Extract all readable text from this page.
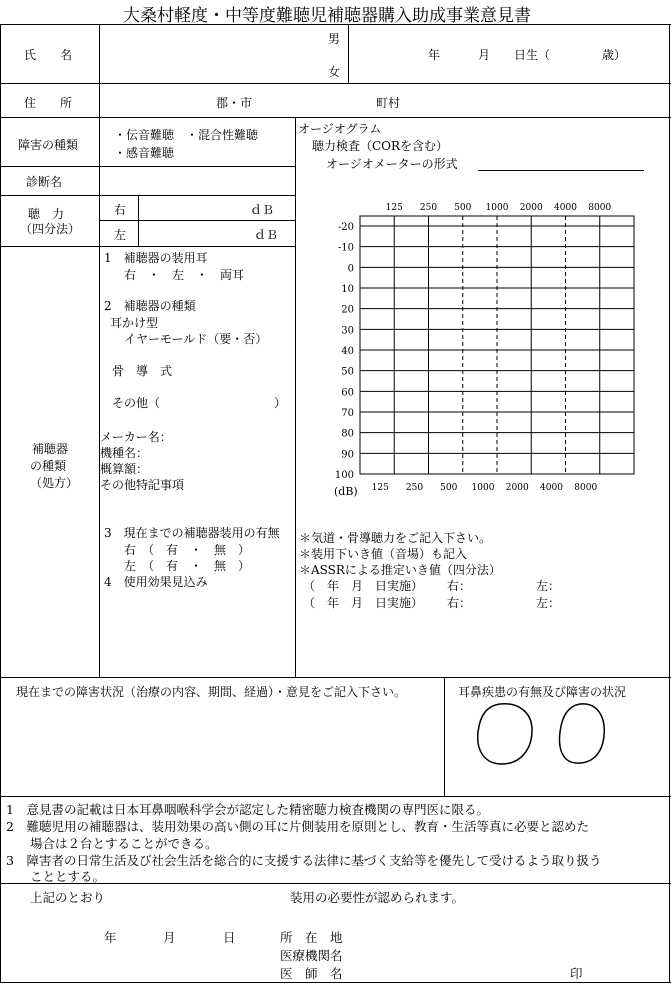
大桑村軽度・中等度難聴児補聴器購入助成事業意見書
氏　　名
男
女
年	月 日生（	歳）
住　　所	郡・市	町村
障害の種類
・伝音難聴　・混合性難聴
・感音難聴
オージオグラム
聴力検査（CORを含む）
オージオメーターの形式
診断名
聴　力
（四分法）
右	ｄＢ
左	ｄＢ
補聴器
の種類
（処方）
1　補聴器の装用耳
右　・　左　・　両耳
2　補聴器の種類
耳かけ型
イヤーモールド（要・否）
骨　導　式
その他（	）
メーカー名：
機種名：
概算額：
その他特記事項
3　現在までの補聴器装用の有無
右　（　有　・　無　）
左　（　有　・　無　）
4　使用効果見込み
-20
-10
0
10
20
30
40
50
60
70
80
90
100
125
125
250
250
500
500
1000
1000
2000
2000
4000
4000
8000
8000
(dB)
＊気道・骨導聴力をご記入下さい。
＊装用下いき値（音場）も記入
＊ASSRによる推定いき値（四分法）
（　年　月　日実施） 右：	左：
（　年　月　日実施） 右：	左：
現在までの障害状況（治療の内容、期間、経過）・意見をご記入下さい。	耳鼻疾患の有無及び障害の状況
1　意見書の記載は日本耳鼻咽喉科学会が認定した精密聴力検査機関の専門医に限る。
2　難聴児用の補聴器は、装用効果の高い側の耳に片側装用を原則とし、教育・生活等真に必要と認めた
場合は２台とすることができる。
3　障害者の日常生活及び社会生活を総合的に支援する法律に基づく支給等を優先して受けるよう取り扱う
こととする。
上記のとおり	装用の必要性が認められます。
年	月	日	所　在　地
医療機関名
医　師　名	印
